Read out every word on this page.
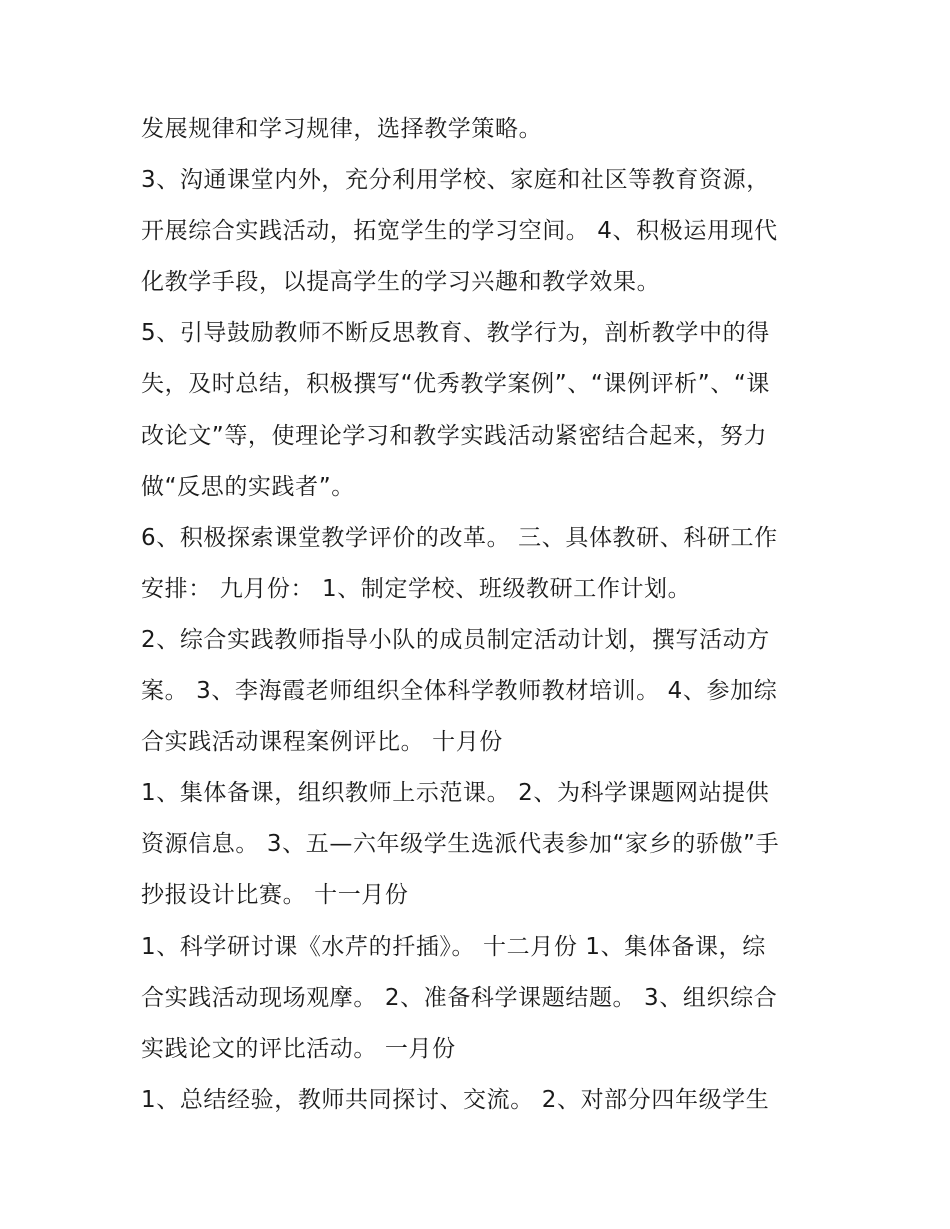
发展规律和学习规律，选择教学策略。
3、沟通课堂内外，充分利用学校、家庭和社区等教育资源，
开展综合实践活动，拓宽学生的学习空间。 4、积极运用现代
化教学手段，以提高学生的学习兴趣和教学效果。
5、引导鼓励教师不断反思教育、教学行为，剖析教学中的得
失，及时总结，积极撰写“优秀教学案例”、“课例评析”、“课
改论文”等，使理论学习和教学实践活动紧密结合起来，努力
做“反思的实践者”。
6、积极探索课堂教学评价的改革。 三、具体教研、科研工作
安排： 九月份： 1、制定学校、班级教研工作计划。
2、综合实践教师指导小队的成员制定活动计划，撰写活动方
案。 3、李海霞老师组织全体科学教师教材培训。 4、参加综
合实践活动课程案例评比。 十月份
1、集体备课，组织教师上示范课。 2、为科学课题网站提供
资源信息。 3、五—六年级学生选派代表参加“家乡的骄傲”手
抄报设计比赛。 十一月份
1、科学研讨课《水芹的扦插》。 十二月份 1、集体备课，综
合实践活动现场观摩。 2、准备科学课题结题。 3、组织综合
实践论文的评比活动。 一月份
1、总结经验，教师共同探讨、交流。 2、对部分四年级学生
